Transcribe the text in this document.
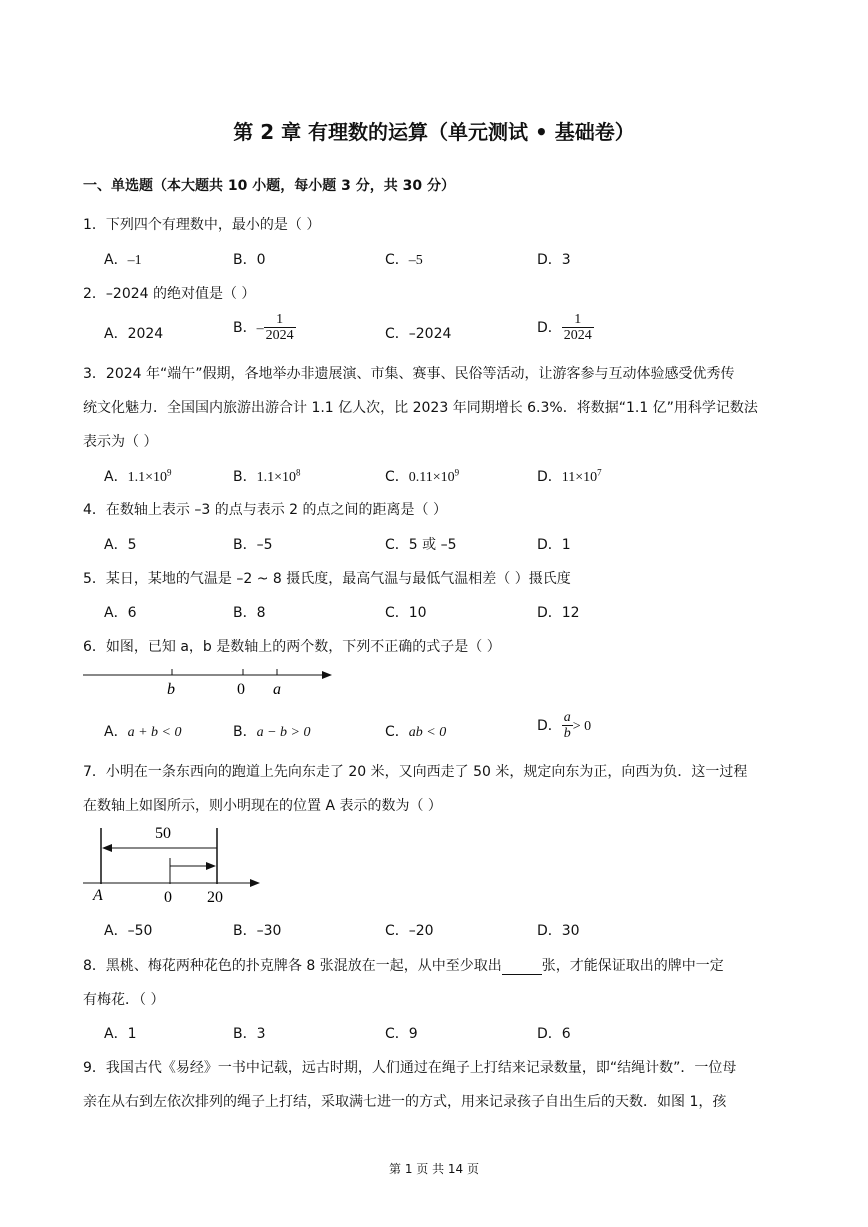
第 2 章 有理数的运算（单元测试 • 基础卷）
一、单选题（本大题共 10 小题，每小题 3 分，共 30 分）
1．下列四个有理数中，最小的是（ ）
A．–1	B．0	C．–5	D．3
2．–2024 的绝对值是（ ）
A．2024	B．– $\frac{1}{2024}$	C．–2024	D． $\frac{1}{2024}$
3．2024 年“端午”假期，各地举办非遗展演、市集、赛事、民俗等活动，让游客参与互动体验感受优秀传
统文化魅力．全国国内旅游出游合计 1.1 亿人次，比 2023 年同期增长 6.3%．将数据“1.1 亿”用科学记数法
表示为（ ）
A．$1.1\times 10^9$	B．$1.1\times 10^8$	C．$0.11\times 10^9$	D．$11\times 10^7$
4．在数轴上表示 –3 的点与表示 2 的点之间的距离是（ ）
A．5	B．–5	C．5 或 –5	D．1
5．某日，某地的气温是 –2 ~ 8 摄氏度，最高气温与最低气温相差（ ）摄氏度
A．6	B．8	C．10	D．12
6．如图，已知 a，b 是数轴上的两个数，下列不正确的式子是（ ）
b	0 a
A．a + b < 0	B．a − b > 0	C．ab < 0	D． $\frac{a}{b} > 0$
7．小明在一条东西向的跑道上先向东走了 20 米，又向西走了 50 米，规定向东为正，向西为负．这一过程
在数轴上如图所示，则小明现在的位置 A 表示的数为（ ）
50
A	0 20
A．–50	B．–30	C．–20	D．30
8．黑桃、梅花两种花色的扑克牌各 8 张混放在一起，从中至少取出	张，才能保证取出的牌中一定
有梅花．（ ）
A．1	B．3	C．9	D．6
9．我国古代《易经》一书中记载，远古时期，人们通过在绳子上打结来记录数量，即“结绳计数”．一位母
亲在从右到左依次排列的绳子上打结，采取满七进一的方式，用来记录孩子自出生后的天数．如图 1，孩
第 1 页 共 14 页
